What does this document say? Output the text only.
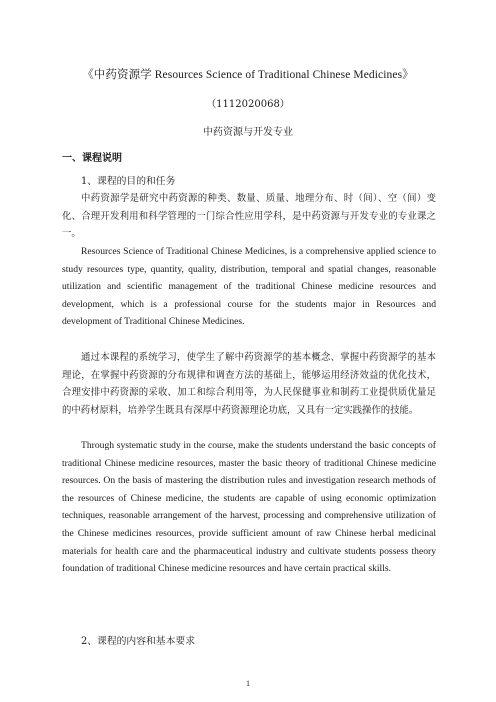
《中药资源学 Resources Science of Traditional Chinese Medicines》
（1112020068）
中药资源与开发专业
一、课程说明
1、课程的目的和任务

中药资源学是研究中药资源的种类、数量、质量、地理分布、时（间）、空（间）变化、合理开发利用和科学管理的一门综合性应用学科，是中药资源与开发专业的专业课之一。

Resources Science of Traditional Chinese Medicines, is a comprehensive applied science to study resources type, quantity, quality, distribution, temporal and spatial changes, reasonable utilization and scientific management of the traditional Chinese medicine resources and development, which is a professional course for the students major in Resources and development of Traditional Chinese Medicines.

通过本课程的系统学习，使学生了解中药资源学的基本概念、掌握中药资源学的基本理论，在掌握中药资源的分布规律和调查方法的基础上，能够运用经济效益的优化技术，合理安排中药资源的采收、加工和综合利用等，为人民保健事业和制药工业提供质优量足的中药材原料，培养学生既具有深厚中药资源理论功底，又具有一定实践操作的技能。

Through systematic study in the course, make the students understand the basic concepts of traditional Chinese medicine resources, master the basic theory of traditional Chinese medicine resources. On the basis of mastering the distribution rules and investigation research methods of the resources of Chinese medicine, the students are capable of using economic optimization techniques, reasonable arrangement of the harvest, processing and comprehensive utilization of the Chinese medicines resources, provide sufficient amount of raw Chinese herbal medicinal materials for health care and the pharmaceutical industry and cultivate students possess theory foundation of traditional Chinese medicine resources and have certain practical skills.

2、课程的内容和基本要求
1
